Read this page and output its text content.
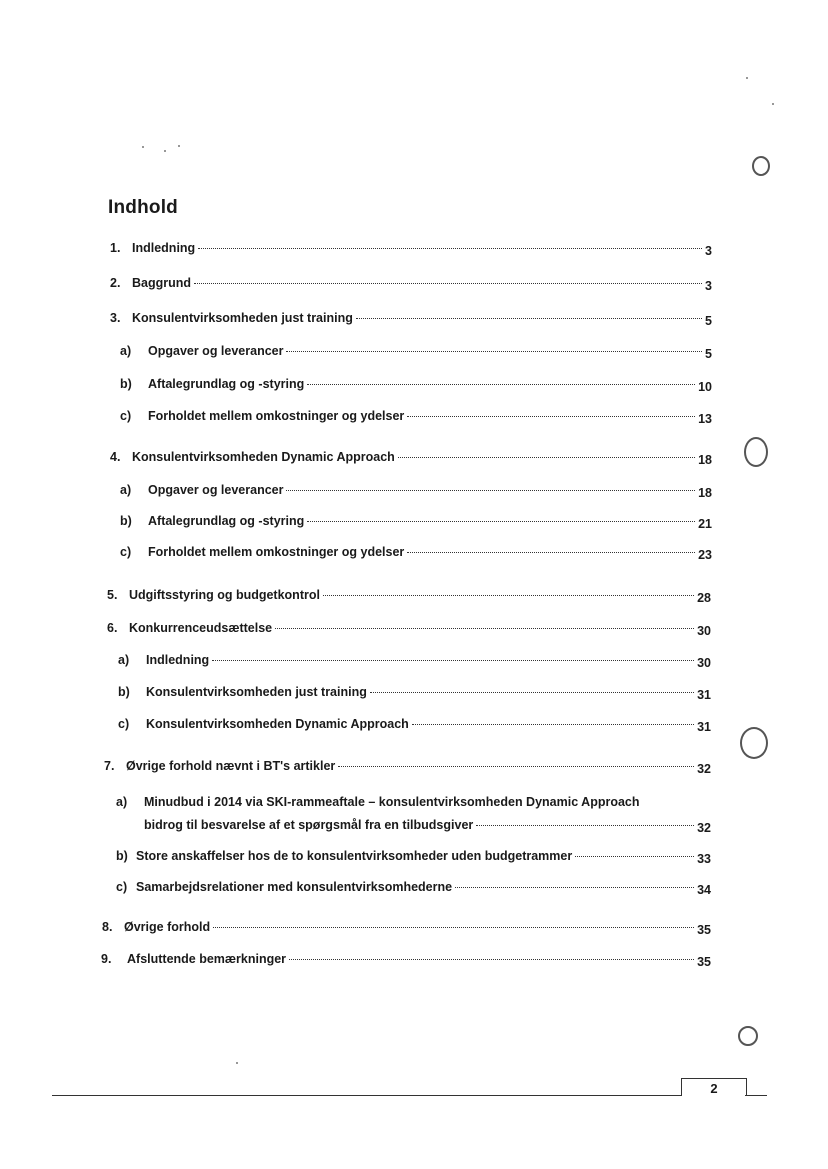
Indhold
1. Indledning	3
2. Baggrund	3
3. Konsulentvirksomheden just training	5
a)	Opgaver og leverancer	5
b)	Aftalegrundlag og -styring	10
c)	Forholdet mellem omkostninger og ydelser	13
4. Konsulentvirksomheden Dynamic Approach	18
a)	Opgaver og leverancer	18
b)	Aftalegrundlag og -styring	21
c)	Forholdet mellem omkostninger og ydelser	23
5. Udgiftsstyring og budgetkontrol	28
6. Konkurrenceudsættelse	30
a)	Indledning	30
b)	Konsulentvirksomheden just training	31
c)	Konsulentvirksomheden Dynamic Approach	31
7. Øvrige forhold nævnt i BT's artikler	32
a) Minudbud i 2014 via SKI-rammeaftale – konsulentvirksomheden Dynamic Approach
bidrog til besvarelse af et spørgsmål fra en tilbudsgiver	32
b) Store anskaffelser hos de to konsulentvirksomheder uden budgetrammer	33
c) Samarbejdsrelationer med konsulentvirksomhederne	34
8. Øvrige forhold	35
9.	Afsluttende bemærkninger	35
2
